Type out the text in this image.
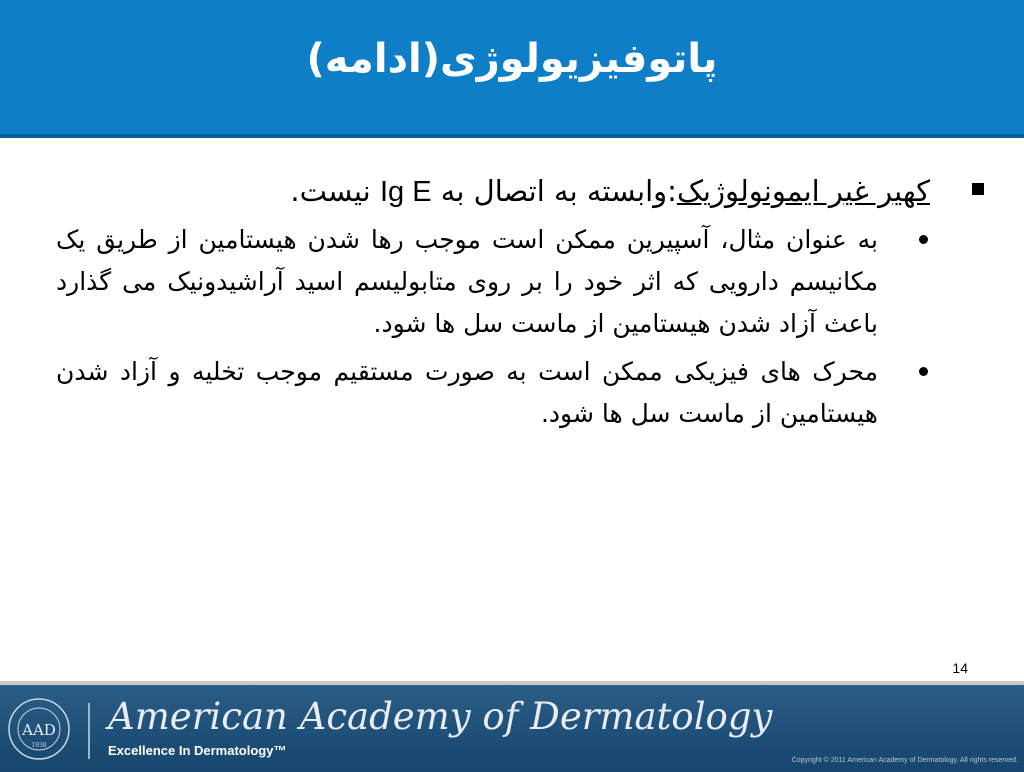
پاتوفیزیولوژی(ادامه)
کهیر غیر ایمونولوژیک:وابسته به اتصال به Ig E نیست.
به عنوان مثال، آسپیرین ممکن است موجب رها شدن هیستامین از طریق یک مکانیسم دارویی که اثر خود را بر روی متابولیسم اسید آراشیدونیک می گذارد باعث آزاد شدن هیستامین از ماست سل ها شود.
محرک های فیزیکی ممکن است به صورت مستقیم موجب تخلیه و آزاد شدن هیستامین از ماست سل ها شود.
14
AAD
1938
American Academy of Dermatology
Excellence In Dermatology™
Copyright © 2011 American Academy of Dermatology. All rights reserved.
